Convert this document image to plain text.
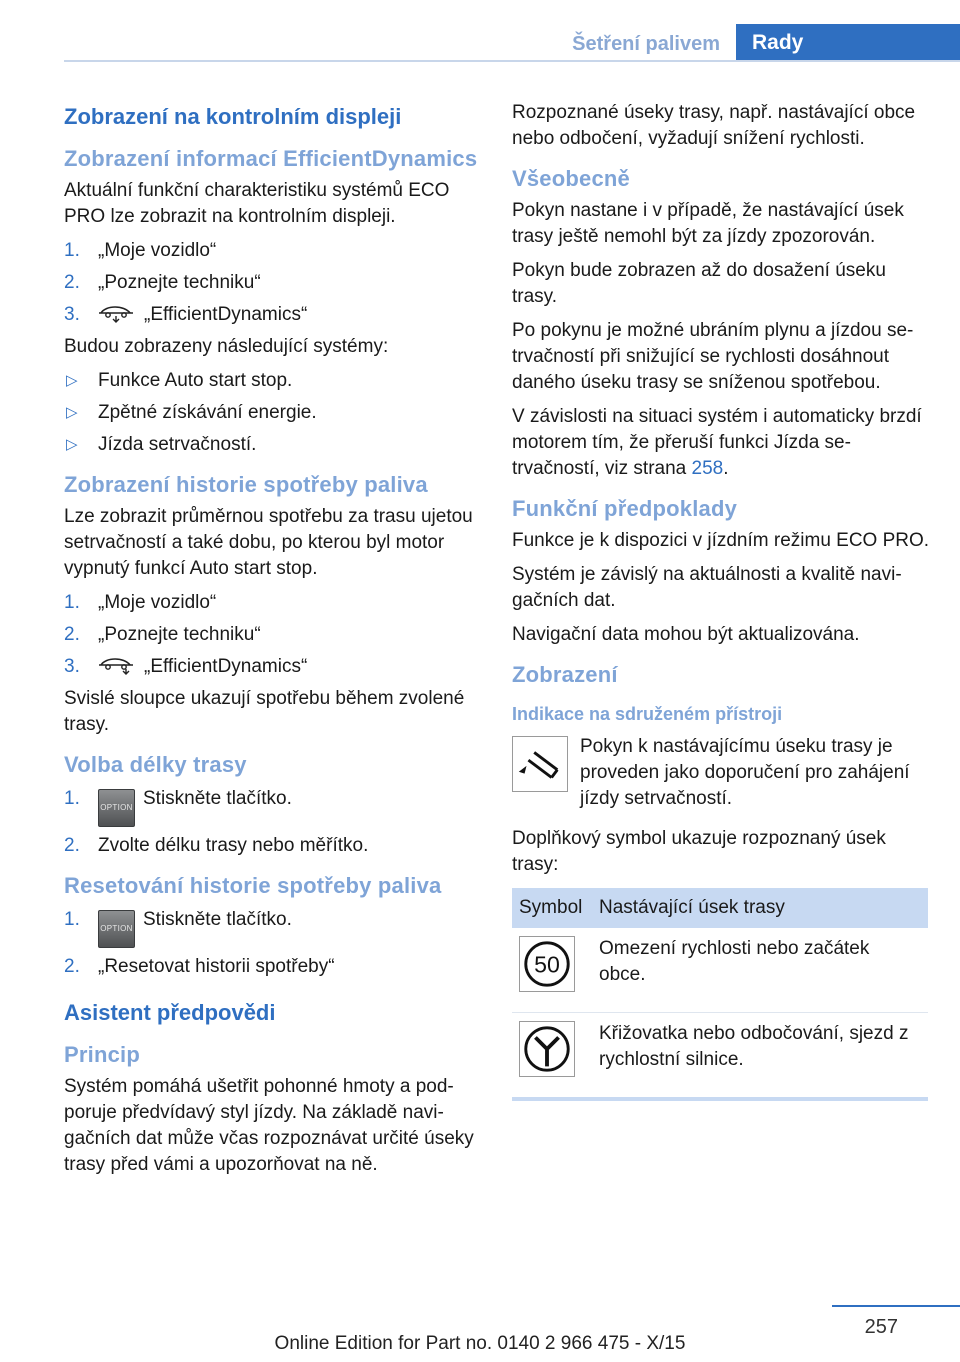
Šetření palivem	Rady
Zobrazení na kontrolním displeji
Zobrazení informací EfficientDynamics

Aktuální funkční charakteristiku systémů ECO PRO lze zobrazit na kontrolním displeji.

1. „Moje vozidlo“
2. „Poznejte techniku“
3.	„EfficientDynamics“

Budou zobrazeny následující systémy:

▷ Funkce Auto start stop.
▷ Zpětné získávání energie.
▷ Jízda setrvačností.
Zobrazení historie spotřeby paliva

Lze zobrazit průměrnou spotřebu za trasu ujetou setrvačností a také dobu, po kterou byl motor vypnutý funkcí Auto start stop.

1. „Moje vozidlo“
2. „Poznejte techniku“
3.	„EfficientDynamics“

Svislé sloupce ukazují spotřebu během zvolené trasy.

Volba délky trasy
1.	OPTION Stiskněte tlačítko.
2. Zvolte délku trasy nebo měřítko.
Resetování historie spotřeby paliva
1.	OPTION Stiskněte tlačítko.
2. „Resetovat historii spotřeby“
Asistent předpovědi
Princip

Systém pomáhá ušetřit pohonné hmoty a podporuje předvídavý styl jízdy. Na základě navigačních dat může včas rozpoznávat určité úseky trasy před vámi a upozorňovat na ně.

Rozpoznané úseky trasy, např. nastávající obce nebo odbočení, vyžadují snížení rychlosti.

Všeobecně

Pokyn nastane i v případě, že nastávající úsek trasy ještě nemohl být za jízdy zpozorován.

Pokyn bude zobrazen až do dosažení úseku trasy.

Po pokynu je možné ubráním plynu a jízdou setrvačností při snižující se rychlosti dosáhnout daného úseku trasy se sníženou spotřebou.

V závislosti na situaci systém i automaticky brzdí motorem tím, že přeruší funkci Jízda setrvačností, viz strana 258.

Funkční předpoklady

Funkce je k dispozici v jízdním režimu ECO PRO.

Systém je závislý na aktuálnosti a kvalitě navigačních dat.

Navigační data mohou být aktualizována.

Zobrazení
Indikace na sdruženém přístroji

Pokyn k nastávajícímu úseku trasy je proveden jako doporučení pro zahájení jízdy setrvačností.

Doplňkový symbol ukazuje rozpoznaný úsek trasy:

Symbol	Nastávající úsek trasy

50	Omezení rychlosti nebo začátek obce.
	Křižovatka nebo odbočování, sjezd z rychlostní silnice.
257
Online Edition for Part no. 0140 2 966 475 - X/15
